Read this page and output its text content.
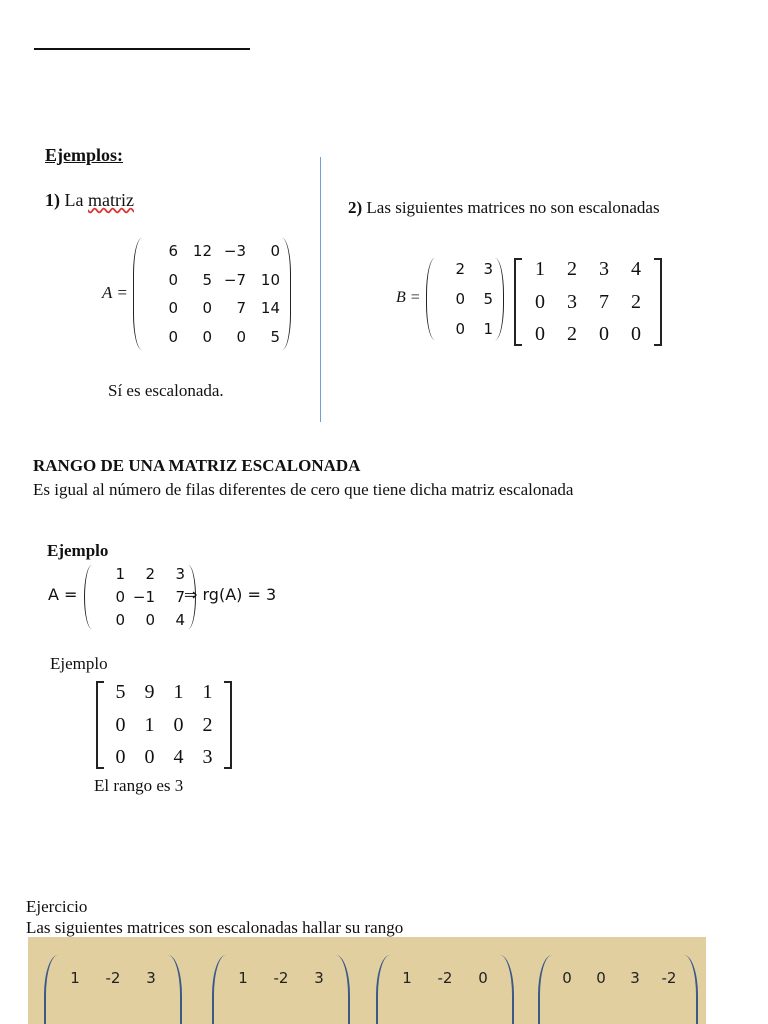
Ejemplos:
1) La matriz
A =
6 12 −3 0
0 5 −7 10
0 0 7 14
0 0 0 5
Sí es escalonada.
2) Las siguientes matrices no son escalonadas
B =
2 3
0 5
0 1
1 2 3 4
0 3 7 2
0 2 0 0
RANGO DE UNA MATRIZ ESCALONADA
Es igual al número de filas diferentes de cero que tiene dicha matriz escalonada
Ejemplo
A =
1 2 3
0 −1 7
0 0 4
⇒ rg(A) = 3
Ejemplo
5 9 1 1
0 1 0 2
0 0 4 3
El rango es 3
Ejercicio
Las siguientes matrices son escalonadas hallar su rango
1 -2 3	1 -2 3	1 -2 0	0 0 3 -2
